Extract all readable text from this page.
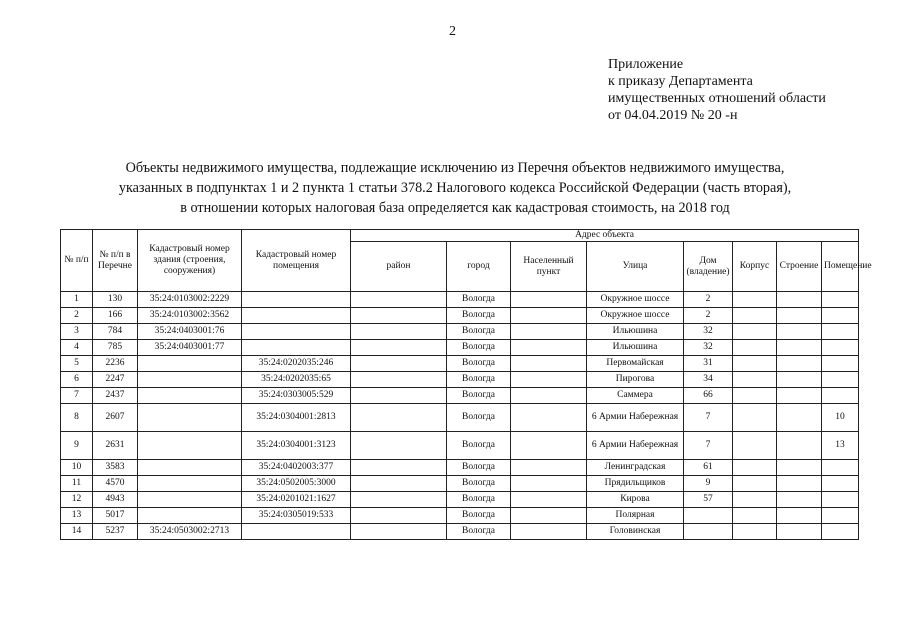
2
Приложение
к приказу Департамента
имущественных отношений области
от 04.04.2019 № 20 -н
Объекты недвижимого имущества, подлежащие исключению из Перечня объектов недвижимого имущества,
указанных в подпунктах 1 и 2 пункта 1 статьи 378.2 Налогового кодекса Российской Федерации (часть вторая),
в отношении которых налоговая база определяется как кадастровая стоимость, на 2018 год
№ п/п	№ п/п в Перечне	Кадастровый номер здания (строения, сооружения)	Кадастровый номер помещения	Адрес объекта							
				район	город	Населенный пункт	Улица	Дом (владение)	Корпус	Строение	Помещение
1	130	35:24:0103002:2229			Вологда		Окружное шоссе	2			
2	166	35:24:0103002:3562			Вологда		Окружное шоссе	2			
3	784	35:24:0403001:76			Вологда		Ильюшина	32			
4	785	35:24:0403001:77			Вологда		Ильюшина	32			
5	2236		35:24:0202035:246		Вологда		Первомайская	31			
6	2247		35:24:0202035:65		Вологда		Пирогова	34			
7	2437		35:24:0303005:529		Вологда		Саммера	66			
8	2607		35:24:0304001:2813		Вологда		6 Армии Набережная	7			10
9	2631		35:24:0304001:3123		Вологда		6 Армии Набережная	7			13
10	3583		35:24:0402003:377		Вологда		Ленинградская	61			
11	4570		35:24:0502005:3000		Вологда		Прядильщиков	9			
12	4943		35:24:0201021:1627		Вологда		Кирова	57			
13	5017		35:24:0305019:533		Вологда		Полярная				
14	5237	35:24:0503002:2713			Вологда		Головинская				
